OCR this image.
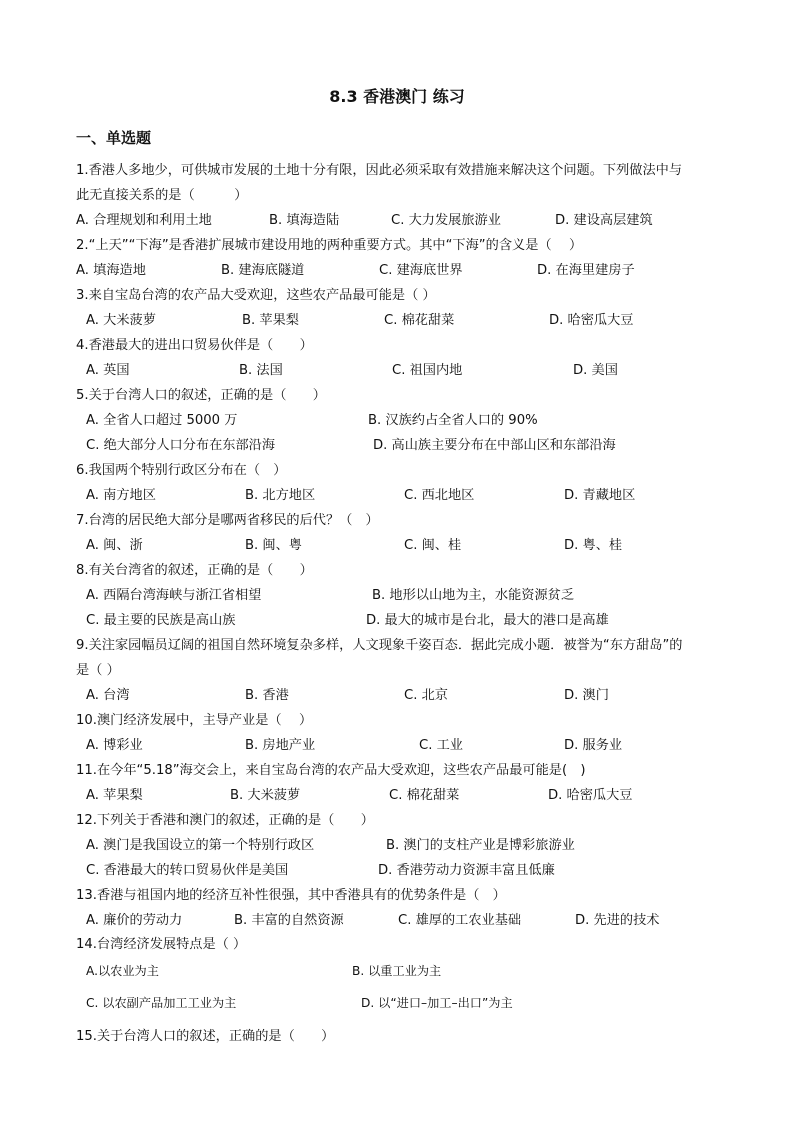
8.3 香港澳门 练习
一、单选题
1.香港人多地少，可供城市发展的土地十分有限，因此必须采取有效措施来解决这个问题。下列做法中与
此无直接关系的是（　　　）
A. 合理规划和利用土地	B. 填海造陆	C. 大力发展旅游业	D. 建设高层建筑
2.“上天”“下海”是香港扩展城市建设用地的两种重要方式。其中“下海”的含义是（　 ）
A. 填海造地	B. 建海底隧道	C. 建海底世界	D. 在海里建房子
3.来自宝岛台湾的农产品大受欢迎，这些农产品最可能是（ ）
A. 大米菠萝	B. 苹果梨	C. 棉花甜菜	D. 哈密瓜大豆
4.香港最大的进出口贸易伙伴是（　　）
A. 英国	B. 法国	C. 祖国内地	D. 美国
5.关于台湾人口的叙述，正确的是（　　）
A. 全省人口超过 5000 万	B. 汉族约占全省人口的 90%
C. 绝大部分人口分布在东部沿海	D. 高山族主要分布在中部山区和东部沿海
6.我国两个特别行政区分布在（　）
A. 南方地区	B. 北方地区	C. 西北地区	D. 青藏地区
7.台湾的居民绝大部分是哪两省移民的后代？（　）
A. 闽、浙	B. 闽、粤	C. 闽、桂	D. 粤、桂
8.有关台湾省的叙述，正确的是（　　）
A. 西隔台湾海峡与浙江省相望	B. 地形以山地为主，水能资源贫乏
C. 最主要的民族是高山族	D. 最大的城市是台北，最大的港口是高雄
9.关注家园幅员辽阔的祖国自然环境复杂多样，人文现象千姿百态．据此完成小题．被誉为“东方甜岛”的
是（ ）
A. 台湾	B. 香港	C. 北京	D. 澳门
10.澳门经济发展中，主导产业是（　 ）
A. 博彩业	B. 房地产业	C. 工业	D. 服务业
11.在今年“5.18”海交会上，来自宝岛台湾的农产品大受欢迎，这些农产品最可能是(　)
A. 苹果梨	B. 大米菠萝	C. 棉花甜菜	D. 哈密瓜大豆
12.下列关于香港和澳门的叙述，正确的是（　　）
A. 澳门是我国设立的第一个特别行政区	B. 澳门的支柱产业是博彩旅游业
C. 香港最大的转口贸易伙伴是美国	D. 香港劳动力资源丰富且低廉
13.香港与祖国内地的经济互补性很强，其中香港具有的优势条件是（　）
A. 廉价的劳动力	B. 丰富的自然资源	C. 雄厚的工农业基础	D. 先进的技术
14.台湾经济发展特点是（ ）
A.以农业为主	B. 以重工业为主
C. 以农副产品加工工业为主	D. 以“进口–加工–出口”为主
15.关于台湾人口的叙述，正确的是（　　）
